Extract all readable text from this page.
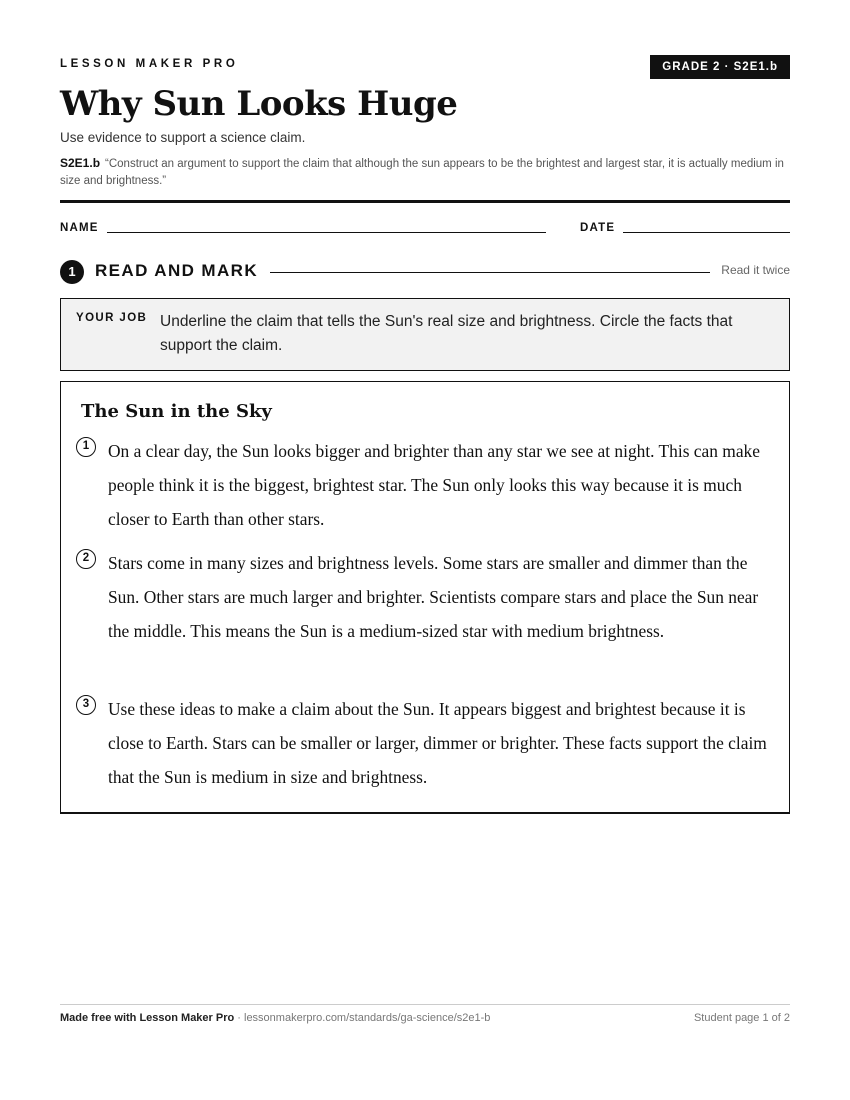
LESSON MAKER PRO	GRADE 2 · S2E1.b
Why Sun Looks Huge
Use evidence to support a science claim.
S2E1.b “Construct an argument to support the claim that although the sun appears to be the brightest and largest star, it is actually medium in size and brightness.”
NAME	DATE
1	READ AND MARK	Read it twice
YOUR JOB Underline the claim that tells the Sun's real size and brightness. Circle the facts that support the claim.
The Sun in the Sky
1	On a clear day, the Sun looks bigger and brighter than any star we see at night. This can make people think it is the biggest, brightest star. The Sun only looks this way because it is much closer to Earth than other stars.
2	Stars come in many sizes and brightness levels. Some stars are smaller and dimmer than the Sun. Other stars are much larger and brighter. Scientists compare stars and place the Sun near the middle. This means the Sun is a medium-sized star with medium brightness.
3	Use these ideas to make a claim about the Sun. It appears biggest and brightest because it is close to Earth. Stars can be smaller or larger, dimmer or brighter. These facts support the claim that the Sun is medium in size and brightness.
Made free with Lesson Maker Pro · lessonmakerpro.com/standards/ga-science/s2e1-b	Student page 1 of 2
